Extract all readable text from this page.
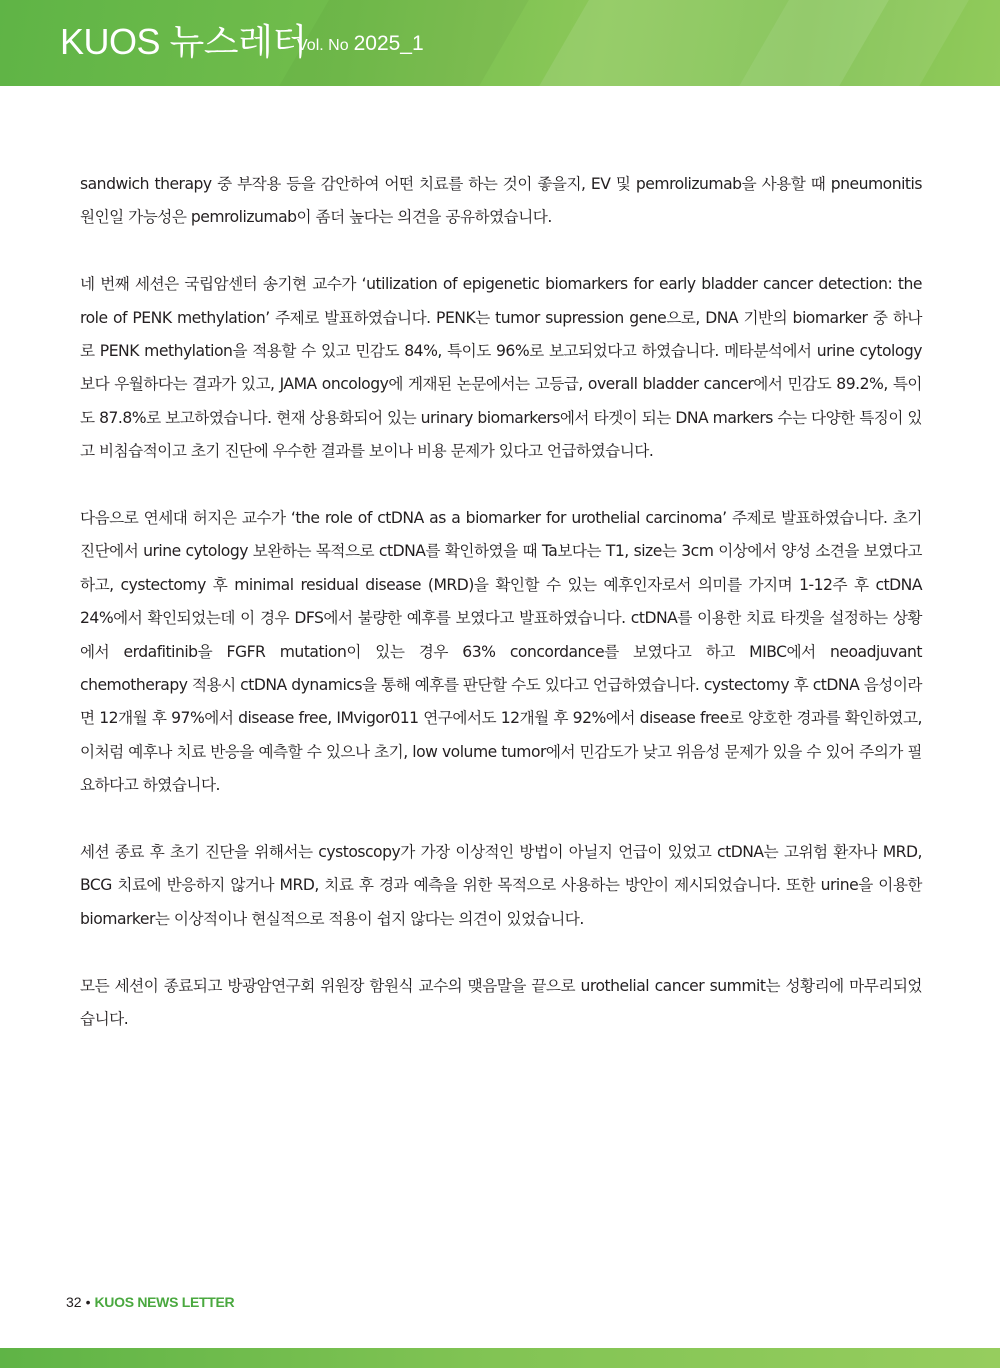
KUOS 뉴스레터
Vol. No 2025_1

sandwich therapy 중 부작용 등을 감안하여 어떤 치료를 하는 것이 좋을지, EV 및 pemrolizumab을 사용할 때 pneumonitis 원인일 가능성은 pemrolizumab이 좀더 높다는 의견을 공유하였습니다.

네 번째 세션은 국립암센터 송기현 교수가 ‘utilization of epigenetic biomarkers for early bladder cancer detection: the role of PENK methylation’ 주제로 발표하였습니다. PENK는 tumor supression gene으로, DNA 기반의 biomarker 중 하나로 PENK methylation을 적용할 수 있고 민감도 84%, 특이도 96%로 보고되었다고 하였습니다. 메타분석에서 urine cytology 보다 우월하다는 결과가 있고, JAMA oncology에 게재된 논문에서는 고등급, overall bladder cancer에서 민감도 89.2%, 특이도 87.8%로 보고하였습니다. 현재 상용화되어 있는 urinary biomarkers에서 타겟이 되는 DNA markers 수는 다양한 특징이 있고 비침습적이고 초기 진단에 우수한 결과를 보이나 비용 문제가 있다고 언급하였습니다.

다음으로 연세대 허지은 교수가 ‘the role of ctDNA as a biomarker for urothelial carcinoma’ 주제로 발표하였습니다. 초기 진단에서 urine cytology 보완하는 목적으로 ctDNA를 확인하였을 때 Ta보다는 T1, size는 3cm 이상에서 양성 소견을 보였다고 하고, cystectomy 후 minimal residual disease (MRD)을 확인할 수 있는 예후인자로서 의미를 가지며 1-12주 후 ctDNA 24%에서 확인되었는데 이 경우 DFS에서 불량한 예후를 보였다고 발표하였습니다. ctDNA를 이용한 치료 타겟을 설정하는 상황에서 erdafitinib을 FGFR mutation이 있는 경우 63% concordance를 보였다고 하고 MIBC에서 neoadjuvant chemotherapy 적용시 ctDNA dynamics을 통해 예후를 판단할 수도 있다고 언급하였습니다. cystectomy 후 ctDNA 음성이라면 12개월 후 97%에서 disease free, IMvigor011 연구에서도 12개월 후 92%에서 disease free로 양호한 경과를 확인하였고, 이처럼 예후나 치료 반응을 예측할 수 있으나 초기, low volume tumor에서 민감도가 낮고 위음성 문제가 있을 수 있어 주의가 필요하다고 하였습니다.

세션 종료 후 초기 진단을 위해서는 cystoscopy가 가장 이상적인 방법이 아닐지 언급이 있었고 ctDNA는 고위험 환자나 MRD, BCG 치료에 반응하지 않거나 MRD, 치료 후 경과 예측을 위한 목적으로 사용하는 방안이 제시되었습니다. 또한 urine을 이용한 biomarker는 이상적이나 현실적으로 적용이 쉽지 않다는 의견이 있었습니다.

모든 세션이 종료되고 방광암연구회 위원장 함원식 교수의 맺음말을 끝으로 urothelial cancer summit는 성황리에 마무리되었습니다.

32 • KUOS NEWS LETTER
